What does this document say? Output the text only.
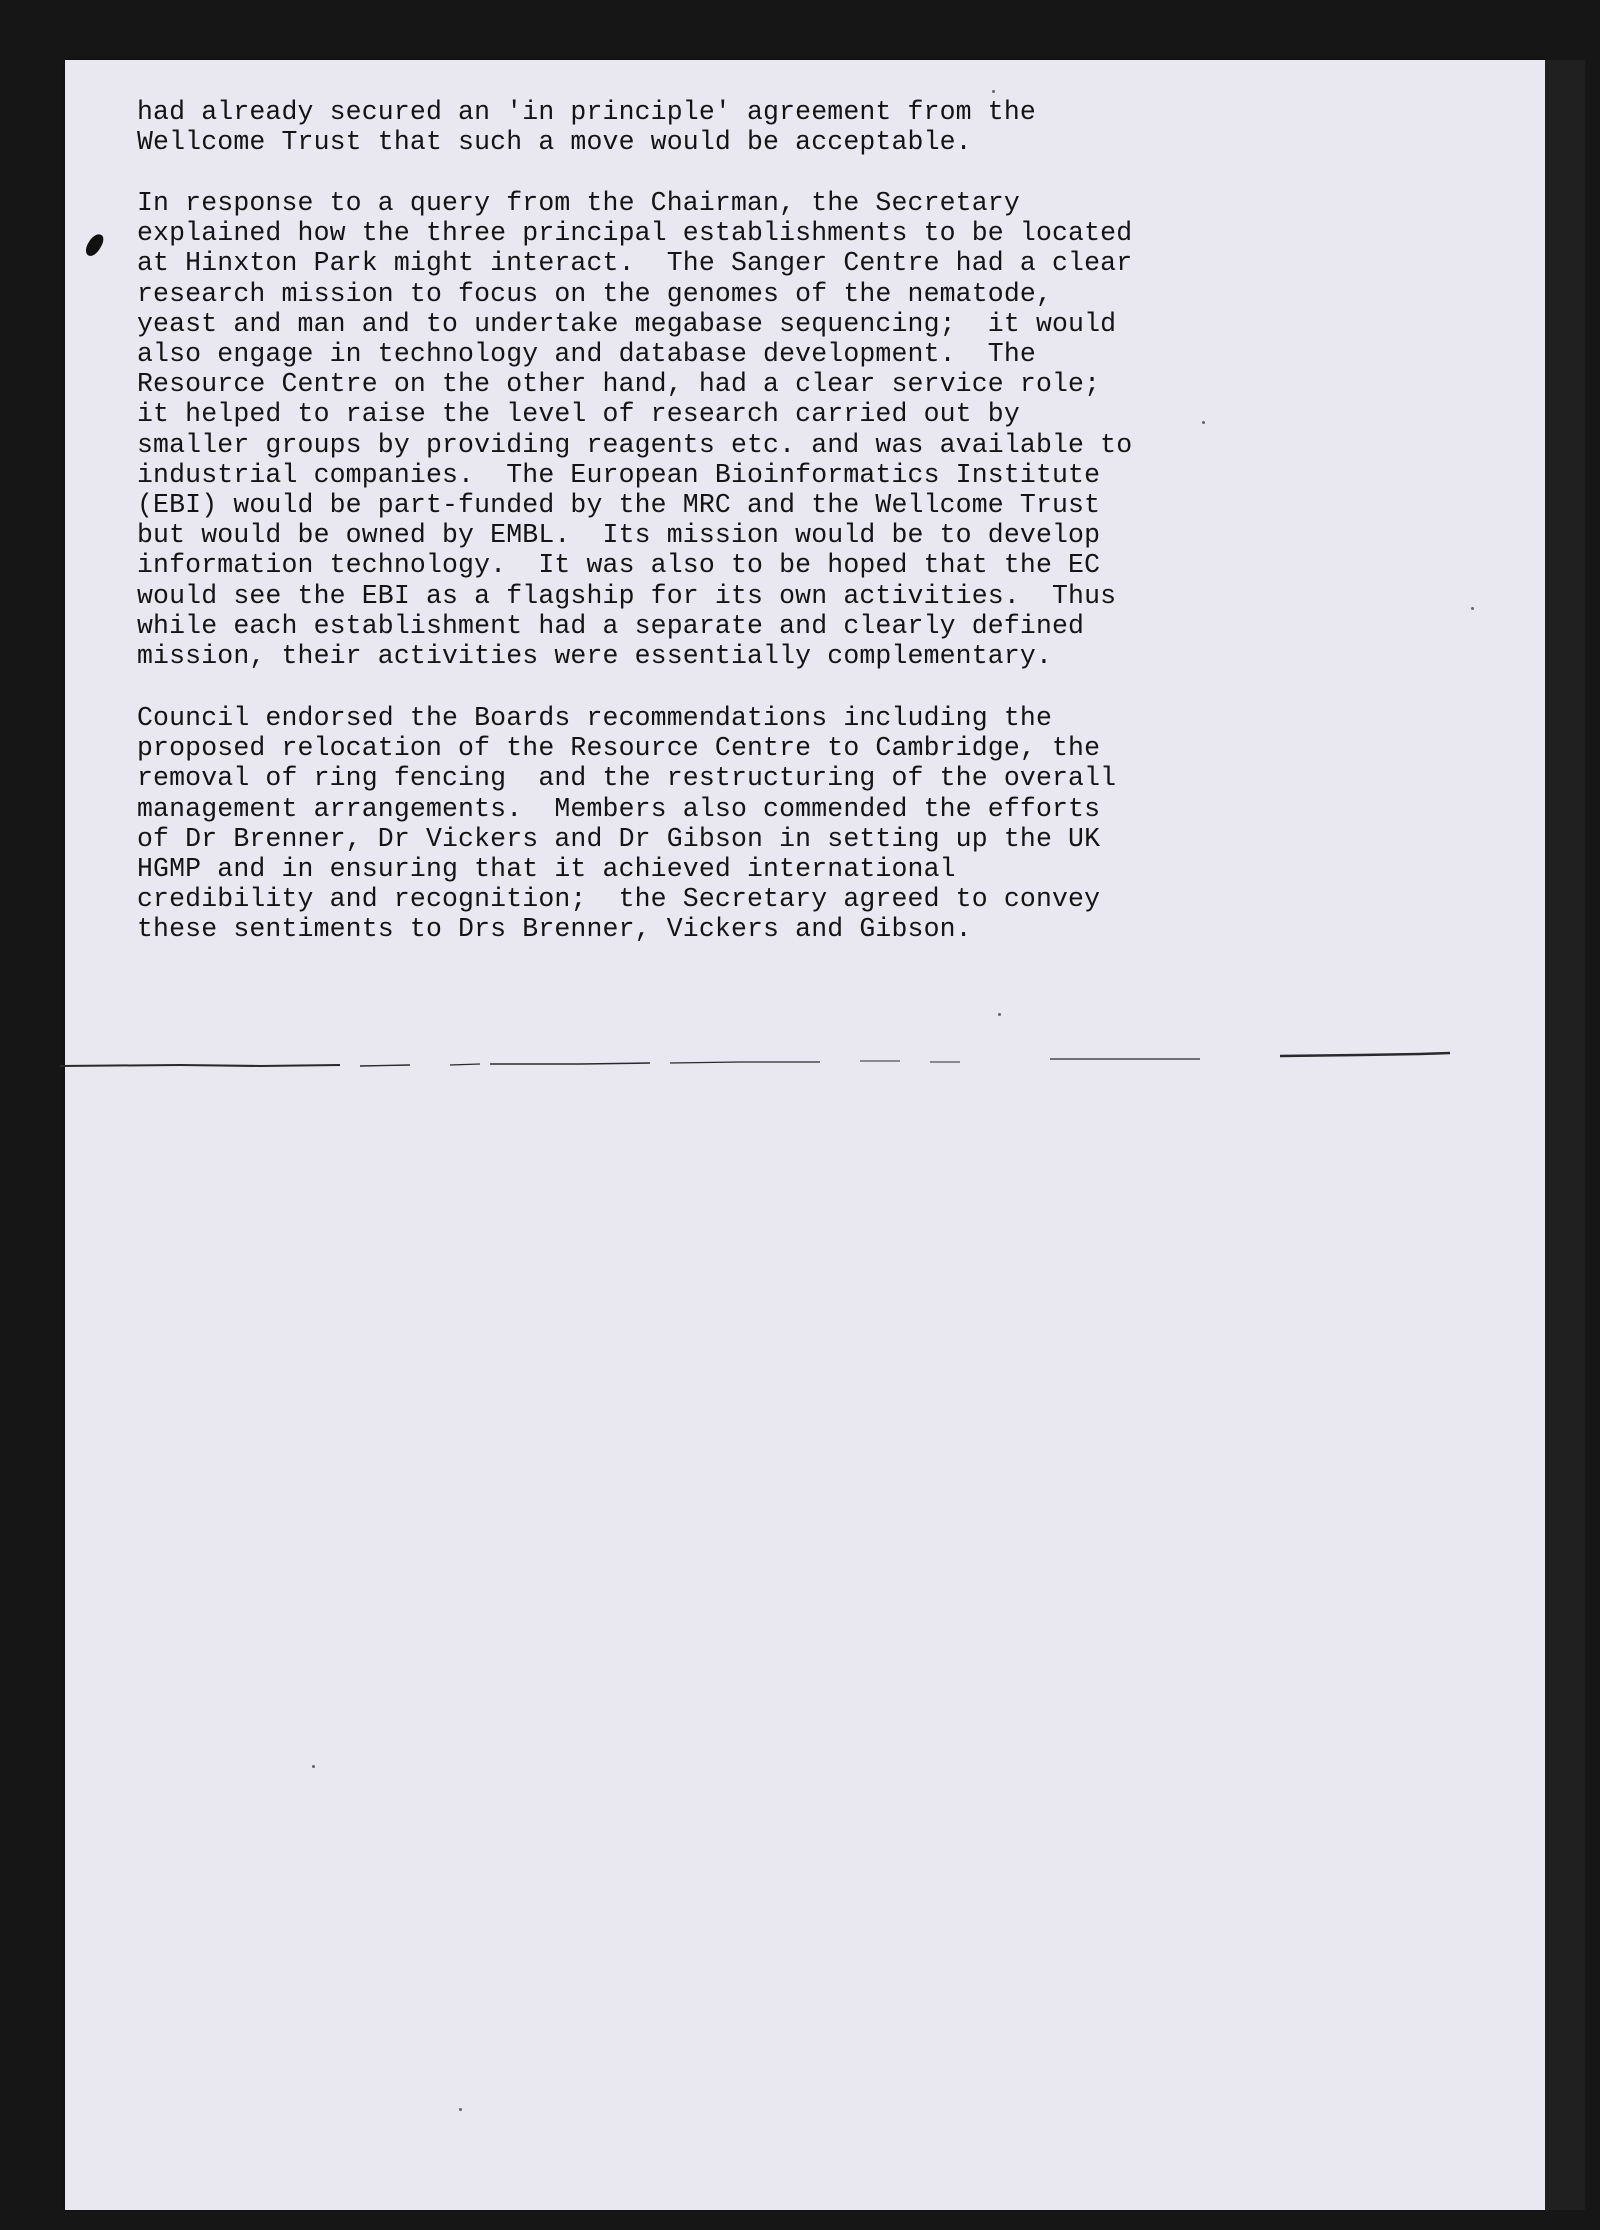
had already secured an 'in principle' agreement from the
Wellcome Trust that such a move would be acceptable.

In response to a query from the Chairman, the Secretary
explained how the three principal establishments to be located
at Hinxton Park might interact.  The Sanger Centre had a clear
research mission to focus on the genomes of the nematode,
yeast and man and to undertake megabase sequencing;  it would
also engage in technology and database development.  The
Resource Centre on the other hand, had a clear service role;
it helped to raise the level of research carried out by
smaller groups by providing reagents etc. and was available to
industrial companies.  The European Bioinformatics Institute
(EBI) would be part-funded by the MRC and the Wellcome Trust
but would be owned by EMBL.  Its mission would be to develop
information technology.  It was also to be hoped that the EC
would see the EBI as a flagship for its own activities.  Thus
while each establishment had a separate and clearly defined
mission, their activities were essentially complementary.

Council endorsed the Boards recommendations including the
proposed relocation of the Resource Centre to Cambridge, the
removal of ring fencing  and the restructuring of the overall
management arrangements.  Members also commended the efforts
of Dr Brenner, Dr Vickers and Dr Gibson in setting up the UK
HGMP and in ensuring that it achieved international
credibility and recognition;  the Secretary agreed to convey
these sentiments to Drs Brenner, Vickers and Gibson.
